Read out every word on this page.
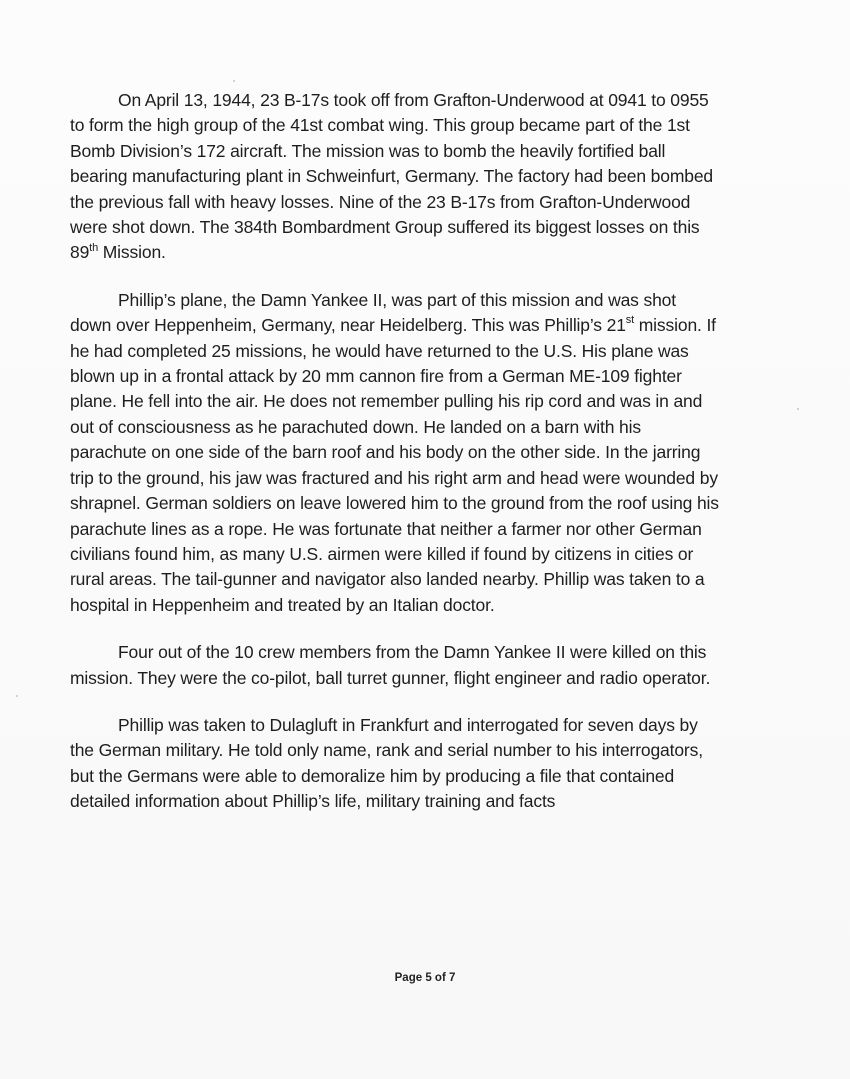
On April 13, 1944, 23 B-17s took off from Grafton-Underwood at 0941 to 0955 to form the high group of the 41st combat wing. This group became part of the 1st Bomb Division’s 172 aircraft. The mission was to bomb the heavily fortified ball bearing manufacturing plant in Schweinfurt, Germany. The factory had been bombed the previous fall with heavy losses. Nine of the 23 B-17s from Grafton-Underwood were shot down. The 384th Bombardment Group suffered its biggest losses on this 89th Mission.

Phillip’s plane, the Damn Yankee II, was part of this mission and was shot down over Heppenheim, Germany, near Heidelberg. This was Phillip’s 21st mission. If he had completed 25 missions, he would have returned to the U.S. His plane was blown up in a frontal attack by 20 mm cannon fire from a German ME-109 fighter plane. He fell into the air. He does not remember pulling his rip cord and was in and out of consciousness as he parachuted down. He landed on a barn with his parachute on one side of the barn roof and his body on the other side. In the jarring trip to the ground, his jaw was fractured and his right arm and head were wounded by shrapnel. German soldiers on leave lowered him to the ground from the roof using his parachute lines as a rope. He was fortunate that neither a farmer nor other German civilians found him, as many U.S. airmen were killed if found by citizens in cities or rural areas. The tail-gunner and navigator also landed nearby. Phillip was taken to a hospital in Heppenheim and treated by an Italian doctor.

Four out of the 10 crew members from the Damn Yankee II were killed on this mission. They were the co-pilot, ball turret gunner, flight engineer and radio operator.

Phillip was taken to Dulagluft in Frankfurt and interrogated for seven days by the German military. He told only name, rank and serial number to his interrogators, but the Germans were able to demoralize him by producing a file that contained detailed information about Phillip’s life, military training and facts

Page 5 of 7
